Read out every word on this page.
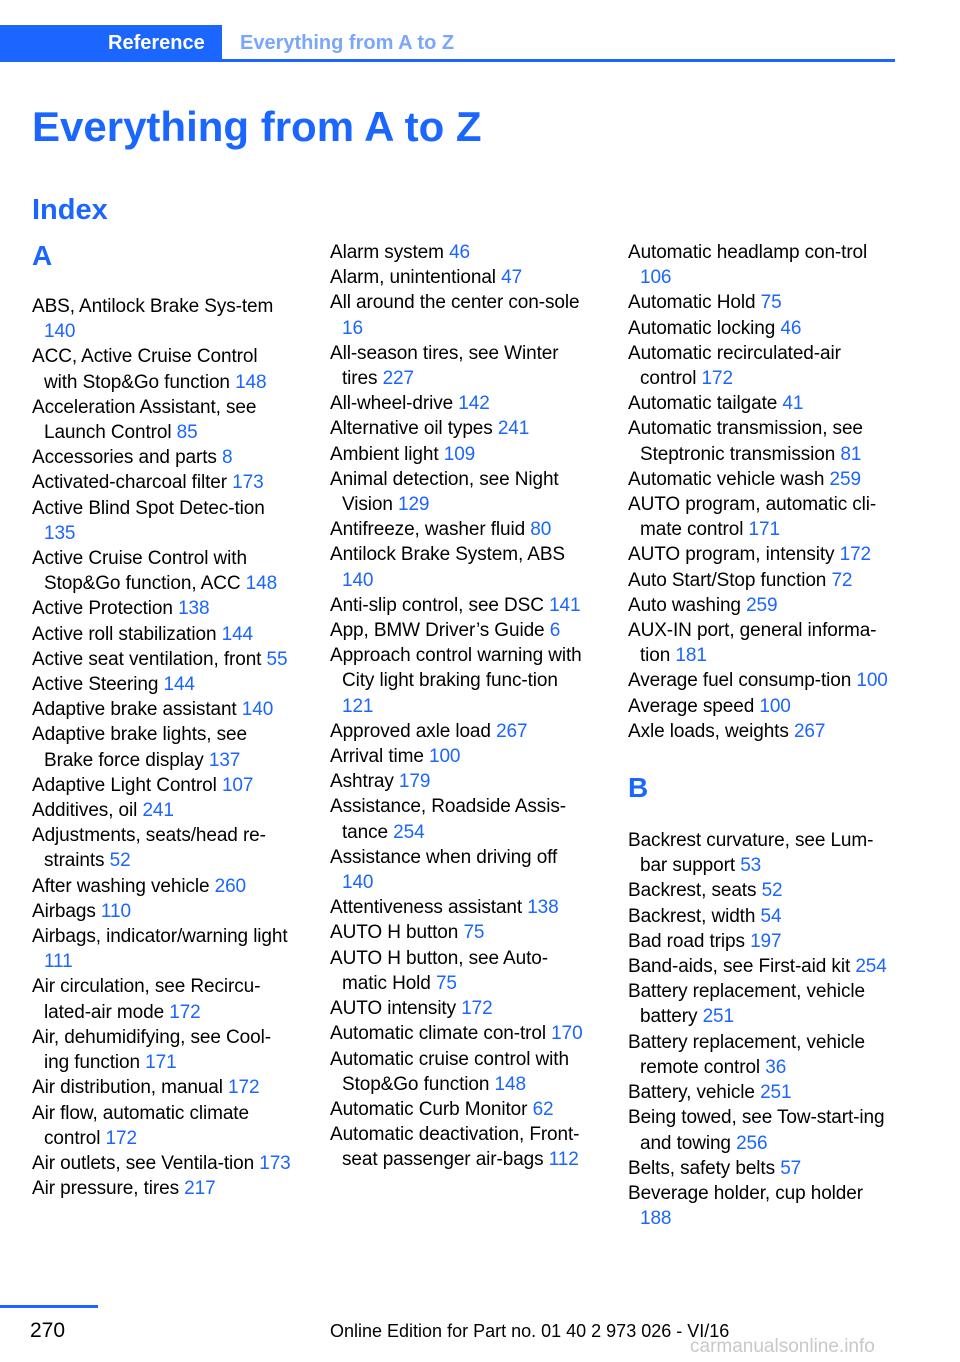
Reference	Everything from A to Z
Everything from A to Z
Index
A
ABS, Antilock Brake Sys‐tem 140
ACC, Active Cruise Control with Stop&Go function 148
Acceleration Assistant, see Launch Control 85
Accessories and parts 8
Activated-charcoal filter 173
Active Blind Spot Detec‐tion 135
Active Cruise Control with Stop&Go function, ACC 148
Active Protection 138
Active roll stabilization 144
Active seat ventilation, front 55
Active Steering 144
Adaptive brake assistant 140
Adaptive brake lights, see Brake force display 137
Adaptive Light Control 107
Additives, oil 241
Adjustments, seats/head re‐straints 52
After washing vehicle 260
Airbags 110
Airbags, indicator/warning light 111
Air circulation, see Recircu‐lated-air mode 172
Air, dehumidifying, see Cool‐ing function 171
Air distribution, manual 172
Air flow, automatic climate control 172
Air outlets, see Ventila‐tion 173
Air pressure, tires 217
Alarm system 46
Alarm, unintentional 47
All around the center con‐sole 16
All-season tires, see Winter tires 227
All-wheel-drive 142
Alternative oil types 241
Ambient light 109
Animal detection, see Night Vision 129
Antifreeze, washer fluid 80
Antilock Brake System, ABS 140
Anti-slip control, see DSC 141
App, BMW Driver’s Guide 6
Approach control warning with City light braking func‐tion 121
Approved axle load 267
Arrival time 100
Ashtray 179
Assistance, Roadside Assis‐tance 254
Assistance when driving off 140
Attentiveness assistant 138
AUTO H button 75
AUTO H button, see Auto‐matic Hold 75
AUTO intensity 172
Automatic climate con‐trol 170
Automatic cruise control with Stop&Go function 148
Automatic Curb Monitor 62
Automatic deactivation, Front-seat passenger air‐bags 112
Automatic headlamp con‐trol 106
Automatic Hold 75
Automatic locking 46
Automatic recirculated-air control 172
Automatic tailgate 41
Automatic transmission, see Steptronic transmission 81
Automatic vehicle wash 259
AUTO program, automatic cli‐mate control 171
AUTO program, intensity 172
Auto Start/Stop function 72
Auto washing 259
AUX-IN port, general informa‐tion 181
Average fuel consump‐tion 100
Average speed 100
Axle loads, weights 267
B
Backrest curvature, see Lum‐bar support 53
Backrest, seats 52
Backrest, width 54
Bad road trips 197
Band-aids, see First-aid kit 254
Battery replacement, vehicle battery 251
Battery replacement, vehicle remote control 36
Battery, vehicle 251
Being towed, see Tow-start‐ing and towing 256
Belts, safety belts 57
Beverage holder, cup holder 188
270	Online Edition for Part no. 01 40 2 973 026 - VI/16
carmanualsonline.info
